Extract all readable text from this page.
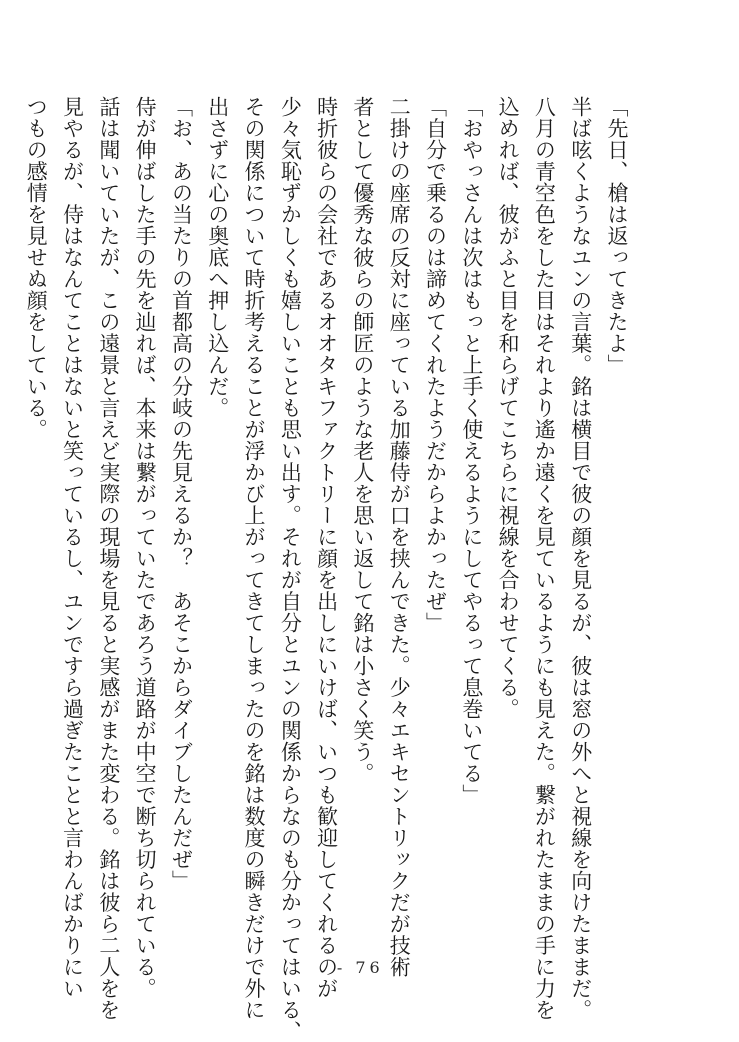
「先日、槍は返ってきたよ」
半ば呟くようなユンの言葉。銘は横目で彼の顔を見るが、彼は窓の外へと視線を向けたままだ。
八月の青空色をした目はそれより遙か遠くを見ているようにも見えた。繋がれたままの手に力を
込めれば、彼がふと目を和らげてこちらに視線を合わせてくる。
「おやっさんは次はもっと上手く使えるようにしてやるって息巻いてる」
「自分で乗るのは諦めてくれたようだからよかったぜ」
二掛けの座席の反対に座っている加藤侍が口を挟んできた。少々エキセントリックだが技術
者として優秀な彼らの師匠のような老人を思い返して銘は小さく笑う。
時折彼らの会社であるオオタキファクトリーに顔を出しにいけば、いつも歓迎してくれるのが
少々気恥ずかしくも嬉しいことも思い出す。それが自分とユンの関係からなのも分かってはいる、
その関係について時折考えることが浮かび上がってきてしまったのを銘は数度の瞬きだけで外に
出さずに心の奥底へ押し込んだ。
「お、あの当たりの首都高の分岐の先見えるか？　あそこからダイブしたんだぜ」
侍が伸ばした手の先を辿れば、本来は繋がっていたであろう道路が中空で断ち切られている。
話は聞いていたが、この遠景と言えど実際の現場を見ると実感がまた変わる。銘は彼ら二人をを
見やるが、侍はなんてことはないと笑っているし、ユンですら過ぎたことと言わんばかりにい
つもの感情を見せぬ顔をしている。
- 76 -
